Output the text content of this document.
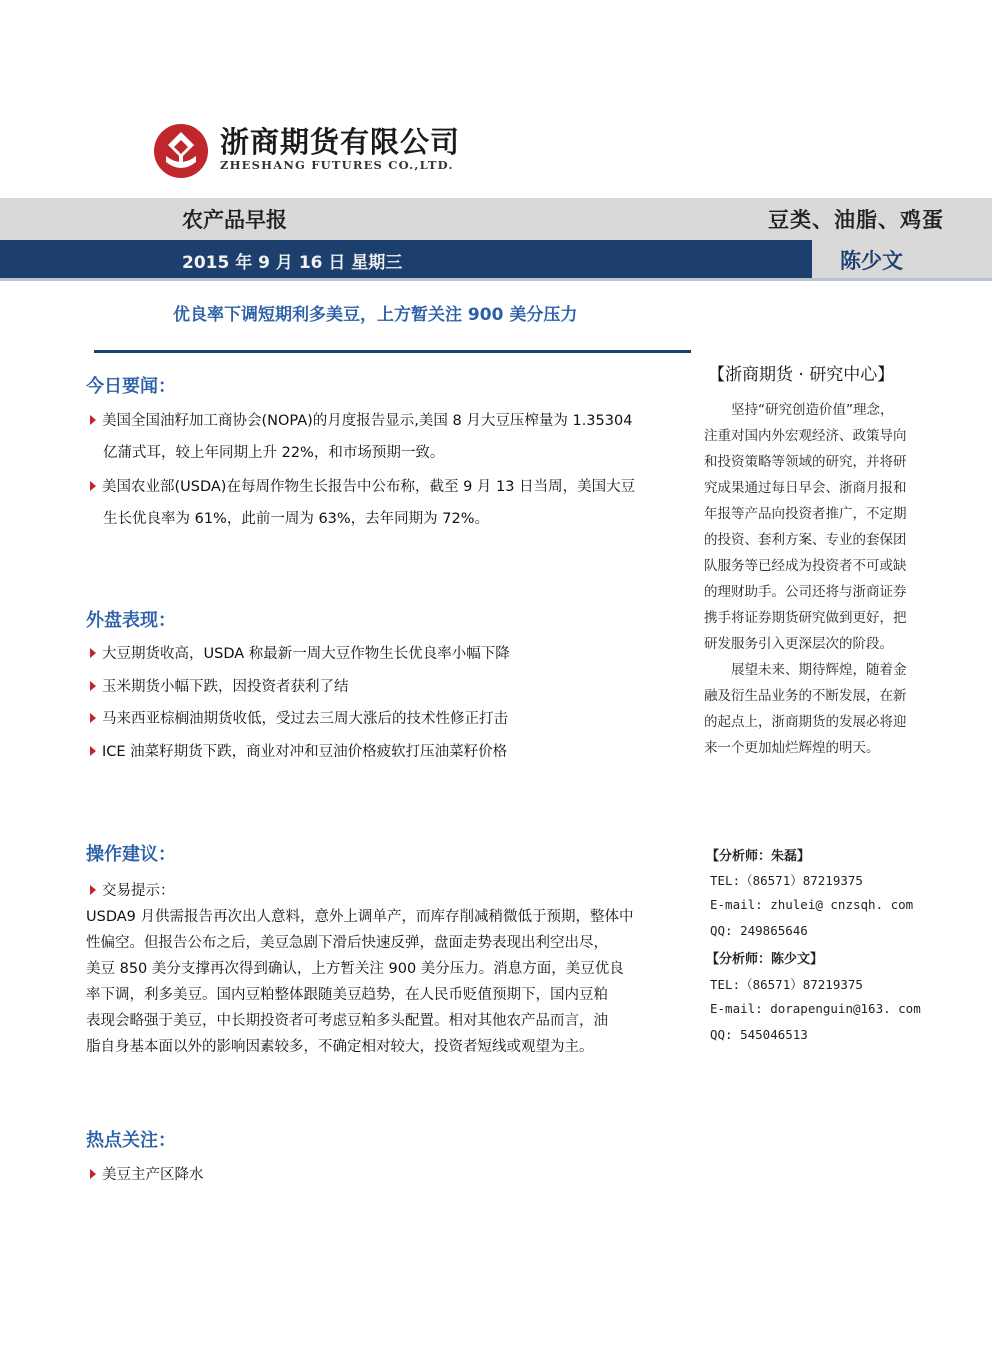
浙商期货有限公司
ZHESHANG FUTURES CO.,LTD.
农产品早报	豆类、油脂、鸡蛋
2015 年 9 月 16 日 星期三	陈少文
优良率下调短期利多美豆，上方暂关注 900 美分压力
今日要闻：
美国全国油籽加工商协会(NOPA)的月度报告显示,美国 8 月大豆压榨量为 1.35304
亿蒲式耳，较上年同期上升 22%，和市场预期一致。
美国农业部(USDA)在每周作物生长报告中公布称，截至 9 月 13 日当周，美国大豆
生长优良率为 61%，此前一周为 63%，去年同期为 72%。
外盘表现：
大豆期货收高，USDA 称最新一周大豆作物生长优良率小幅下降
玉米期货小幅下跌，因投资者获利了结
马来西亚棕榈油期货收低，受过去三周大涨后的技术性修正打击
ICE 油菜籽期货下跌，商业对冲和豆油价格疲软打压油菜籽价格
操作建议：
交易提示：
USDA9 月供需报告再次出人意料，意外上调单产，而库存削减稍微低于预期，整体中
性偏空。但报告公布之后，美豆急剧下滑后快速反弹，盘面走势表现出利空出尽，
美豆 850 美分支撑再次得到确认，上方暂关注 900 美分压力。消息方面，美豆优良
率下调，利多美豆。国内豆粕整体跟随美豆趋势，在人民币贬值预期下，国内豆粕
表现会略强于美豆，中长期投资者可考虑豆粕多头配置。相对其他农产品而言，油
脂自身基本面以外的影响因素较多，不确定相对较大，投资者短线或观望为主。
热点关注：
美豆主产区降水
【浙商期货 · 研究中心】
　　坚持“研究创造价值”理念，
注重对国内外宏观经济、政策导向
和投资策略等领域的研究，并将研
究成果通过每日早会、浙商月报和
年报等产品向投资者推广，不定期
的投资、套利方案、专业的套保团
队服务等已经成为投资者不可或缺
的理财助手。公司还将与浙商证券
携手将证券期货研究做到更好，把
研发服务引入更深层次的阶段。
　　展望未来、期待辉煌，随着金
融及衍生品业务的不断发展，在新
的起点上，浙商期货的发展必将迎
来一个更加灿烂辉煌的明天。
【分析师：朱磊】
TEL:（86571）87219375
E-mail: zhulei@ cnzsqh. com
QQ: 249865646
【分析师：陈少文】
TEL:（86571）87219375
E-mail: dorapenguin@163. com
QQ: 545046513
